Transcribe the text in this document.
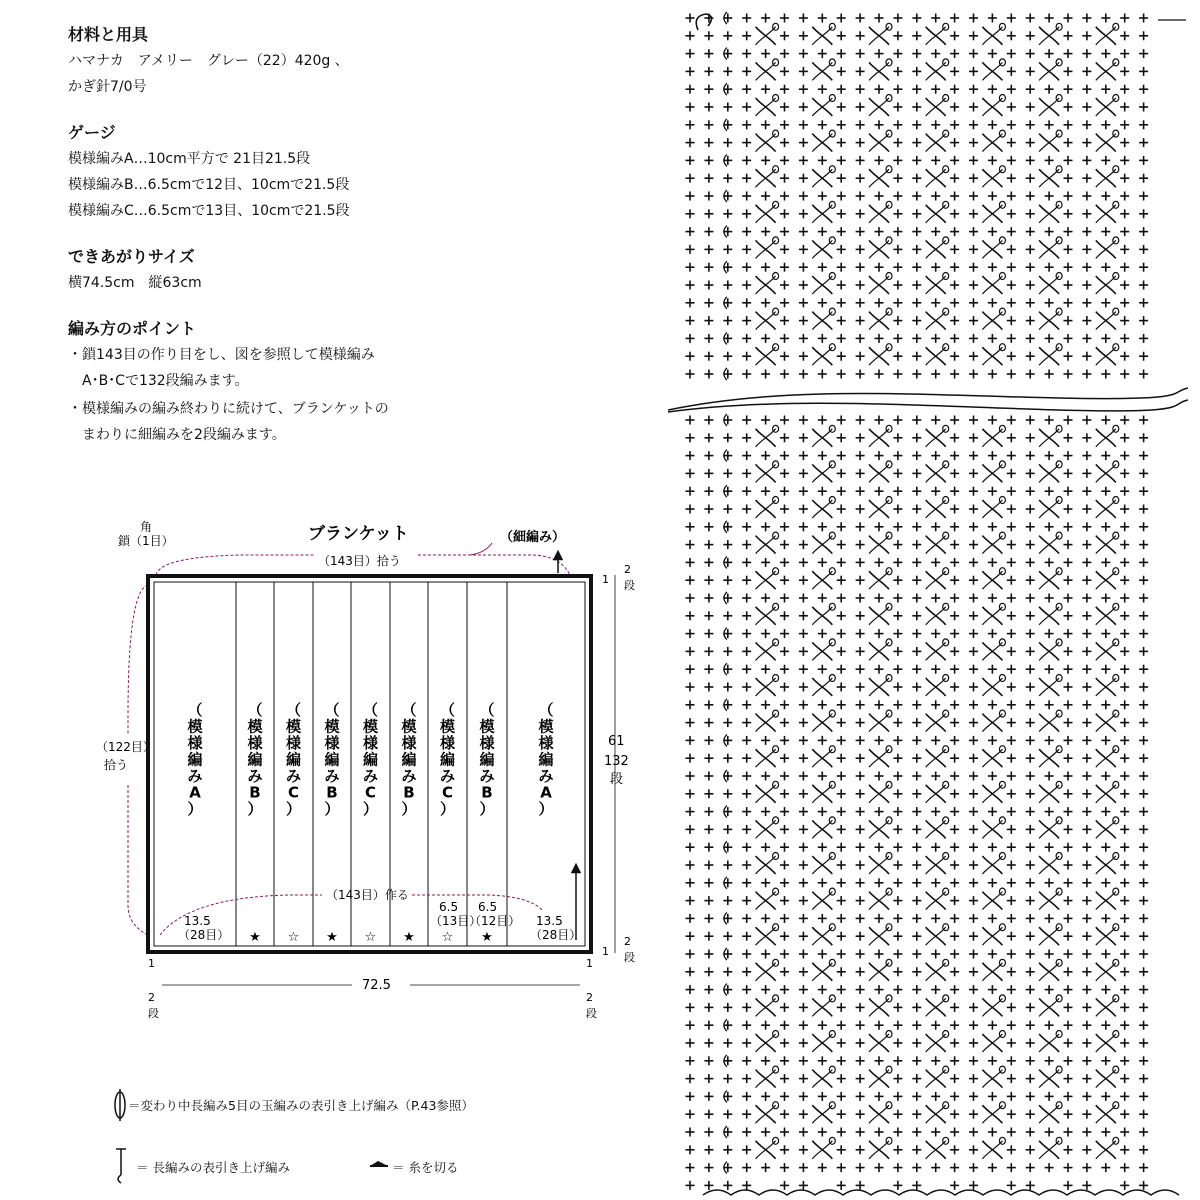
材料と用具
ハマナカ　アメリー　グレー（22）420g 、
かぎ針7/0号
ゲージ
模様編みA…10cm平方で 21目21.5段
模様編みB…6.5cmで12目、10cmで21.5段
模様編みC…6.5cmで13目、10cmで21.5段
できあがりサイズ
横74.5cm　縦63cm
編み方のポイント
・鎖143目の作り目をし、図を参照して模様編み
　A･B･Cで132段編みます。
・模様編みの編み終わりに続けて、ブランケットの
　まわりに細編みを2段編みます。
ブランケット
角
鎖（1目）	（細編み）
（143目）拾う
（122目）
拾う
（模様編み A ）
（模様編み B ）
（模様編み C ）
（模様編み B ）
（模様編み C ）
（模様編み B ）
（模様編み C ）
（模様編み B ）
（模様編み A ）
（143目）作る
13.5
（28目）
6.5
（13目）
6.5
（12目） 13.5
（28目）
★ ☆ ★ ☆ ★ ☆ ★
1
2
段
61
132
段
1
2
段
1
2
段
1
2
段
72.5
＝変わり中長編み5目の玉編みの表引き上げ編み（P.43参照）
＝ 長編みの表引き上げ編み	＝ 糸を切る
